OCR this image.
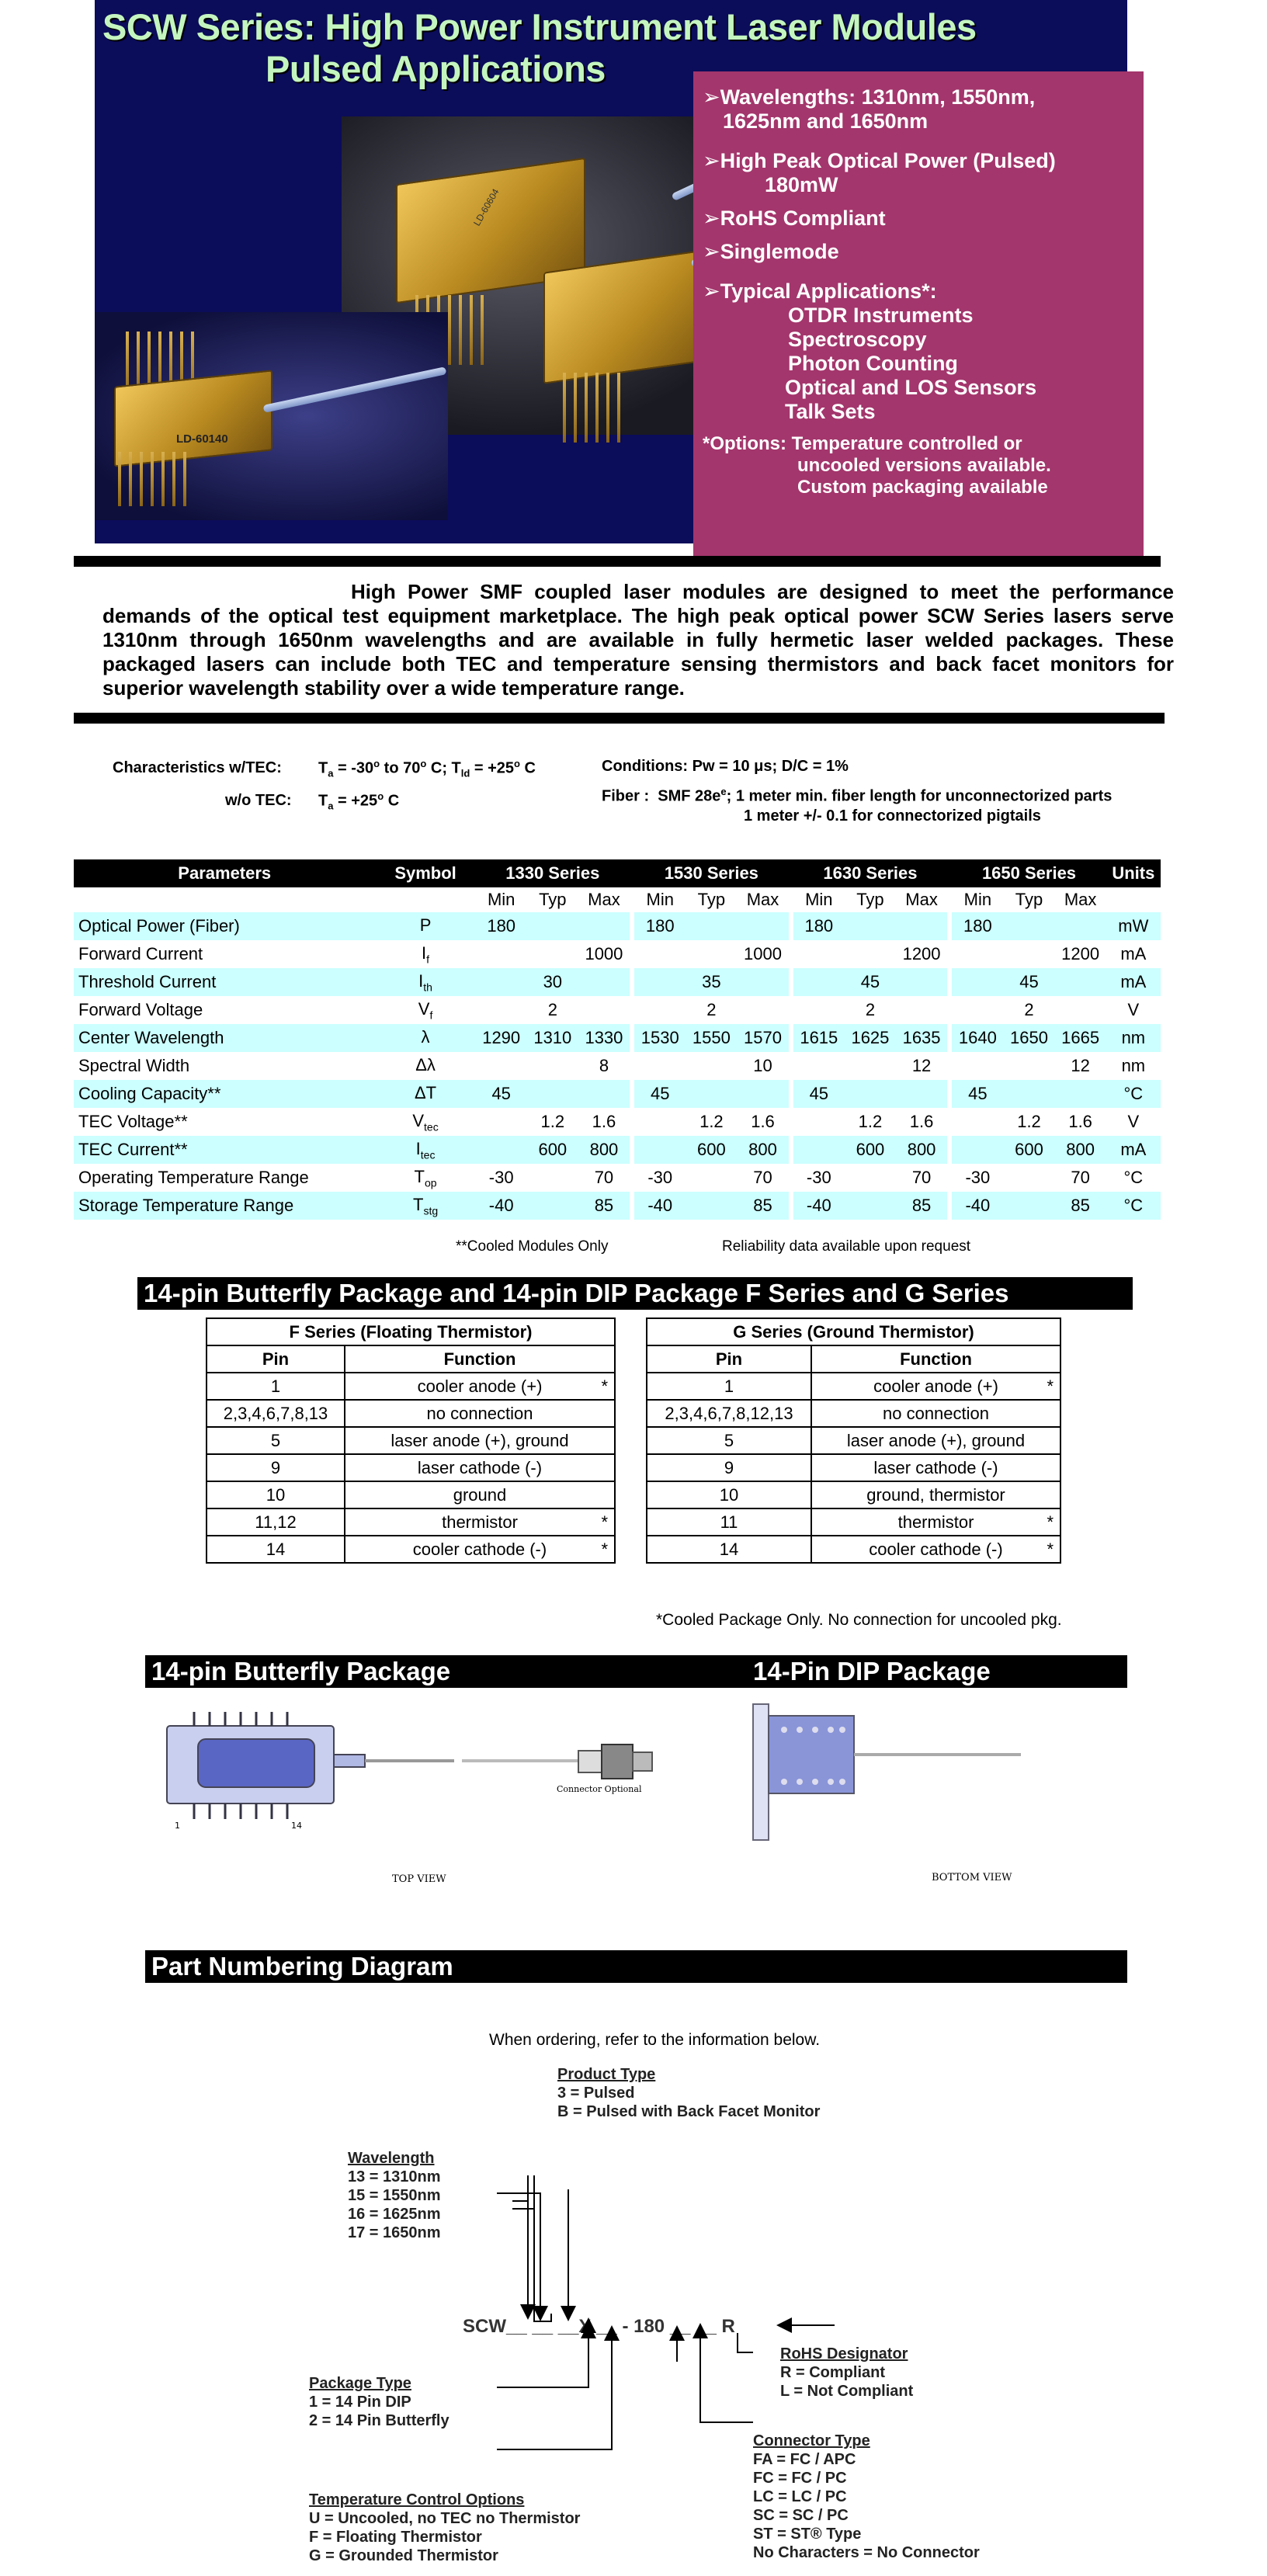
LD-60604
LD-60140
SCW Series: High Power Instrument Laser Modules
Pulsed Applications
➢Wavelengths: 1310nm, 1550nm,
1625nm and 1650nm
➢High Peak Optical Power (Pulsed)
180mW
➢RoHS Compliant
➢Singlemode
➢Typical Applications*:
OTDR Instruments
Spectroscopy
Photon Counting
Optical and LOS Sensors
Talk Sets
*Options: Temperature controlled or
uncooled versions available.
Custom packaging available
High Power SMF coupled laser modules are designed to meet the performance demands of the optical test equipment marketplace. The high peak optical power SCW Series lasers serve 1310nm through 1650nm wavelengths and are available in fully hermetic laser welded packages. These packaged lasers can include both TEC and temperature sensing thermistors and back facet monitors for superior wavelength stability over a wide temperature range.
Characteristics w/TEC: $T_a = -30^o$ to 70$^o$ C; $T_{ld} = +25^o$ C
w/o TEC: $T_a = +25^o$ C
Conditions: Pw = 10 μs; D/C = 1%
Fiber : SMF $28e^e$; 1 meter min. fiber length for unconnectorized parts
1 meter +/- 0.1 for connectorized pigtails
Parameters	Symbol	1330 Series				1530 Series				1630 Series				1650 Series			Units
		Min	Typ	Max		Min	Typ	Max		Min	Typ	Max		Min	Typ	Max	
Optical Power (Fiber)	P	180				180				180				180			mW
Forward Current	$I_f$			1000				1000				1200				1200	mA
Threshold Current	$I_{th}$		30				35				45				45		mA
Forward Voltage	$V_f$		2				2				2				2		V
Center Wavelength	λ	1290	1310	1330		1530	1550	1570		1615	1625	1635		1640	1650	1665	nm
Spectral Width	Δλ			8				10				12				12	nm
Cooling Capacity**	ΔT	45				45				45				45			°C
TEC Voltage**	$V_{tec}$		1.2	1.6			1.2	1.6			1.2	1.6			1.2	1.6	V
TEC Current**	$I_{tec}$		600	800			600	800			600	800			600	800	mA
Operating Temperature Range	$T_{op}$	-30		70		-30		70		-30		70		-30		70	°C
Storage Temperature Range	$T_{stg}$	-40		85		-40		85		-40		85		-40		85	°C
**Cooled Modules Only	Reliability data available upon request
14-pin Butterfly Package and 14-pin DIP Package F Series and G Series
F Series (Floating Thermistor)	
Pin	Function
1	cooler anode (+) *

2,3,4,6,7,8,13	no connection

5	laser anode (+), ground

9	laser cathode (-)

10	ground

11,12	thermistor *

14	cooler cathode (-) *
G Series (Ground Thermistor)	
Pin	Function
1	cooler anode (+) *

2,3,4,6,7,8,12,13	no connection

5	laser anode (+), ground

9	laser cathode (-)

10	ground, thermistor

11	thermistor *

14	cooler cathode (-) *
*Cooled Package Only. No connection for uncooled pkg.
14-pin Butterfly Package	14-Pin DIP Package
1	14
Connector Optional
TOP VIEW	BOTTOM VIEW
Part Numbering Diagram
When ordering, refer to the information below.
Product Type
3 = Pulsed
B = Pulsed with Back Facet Monitor
Wavelength
13 = 1310nm
15 = 1550nm
16 = 1625nm
17 = 1650nm
SCW__ __ __X __ - 180 __ __ R
RoHS Designator
R = Compliant
L = Not Compliant
Package Type
1 = 14 Pin DIP
2 = 14 Pin Butterfly
Connector Type
FA = FC / APC
FC = FC / PC
LC = LC / PC
SC = SC / PC
ST = ST® Type
No Characters = No Connector
Temperature Control Options
U = Uncooled, no TEC no Thermistor
F = Floating Thermistor
G = Grounded Thermistor
